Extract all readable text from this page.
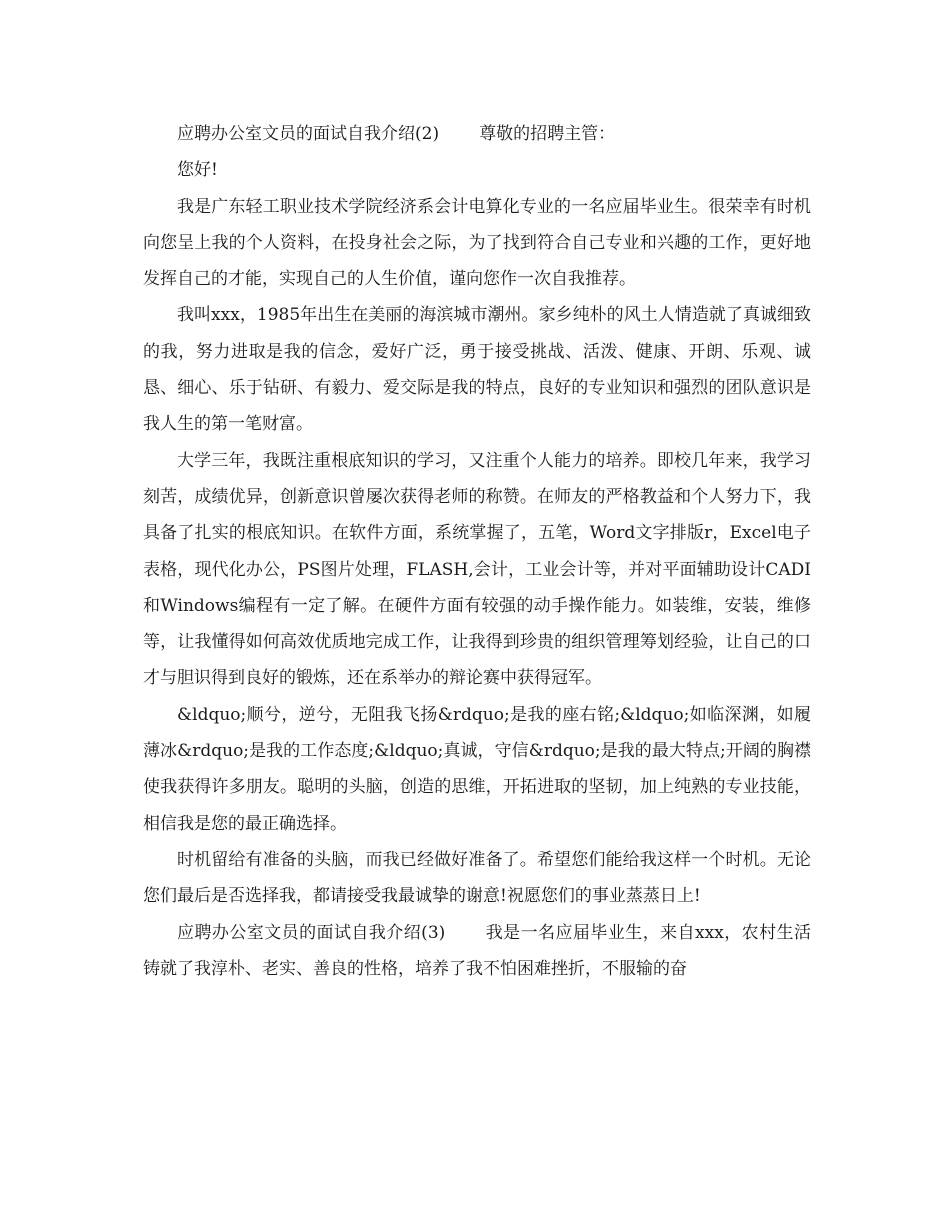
应聘办公室文员的面试自我介绍(2) 尊敬的招聘主管：

您好!

我是广东轻工职业技术学院经济系会计电算化专业的一名应届毕业生。很荣幸有时机向您呈上我的个人资料，在投身社会之际，为了找到符合自己专业和兴趣的工作，更好地发挥自己的才能，实现自己的人生价值，谨向您作一次自我推荐。

我叫xxx，1985年出生在美丽的海滨城市潮州。家乡纯朴的风土人情造就了真诚细致的我，努力进取是我的信念，爱好广泛，勇于接受挑战、活泼、健康、开朗、乐观、诚恳、细心、乐于钻研、有毅力、爱交际是我的特点，良好的专业知识和强烈的团队意识是我人生的第一笔财富。

大学三年，我既注重根底知识的学习，又注重个人能力的培养。即校几年来，我学习刻苦，成绩优异，创新意识曾屡次获得老师的称赞。在师友的严格教益和个人努力下，我具备了扎实的根底知识。在软件方面，系统掌握了，五笔，Word文字排版r，Excel电子表格，现代化办公，PS图片处理，FLASH,会计，工业会计等，并对平面辅助设计CADI和Windows编程有一定了解。在硬件方面有较强的动手操作能力。如装维，安装，维修等，让我懂得如何高效优质地完成工作，让我得到珍贵的组织管理筹划经验，让自己的口才与胆识得到良好的锻炼，还在系举办的辩论赛中获得冠军。

&ldquo;顺兮，逆兮，无阻我飞扬&rdquo;是我的座右铭;&ldquo;如临深渊，如履薄冰&rdquo;是我的工作态度;&ldquo;真诚，守信&rdquo;是我的最大特点;开阔的胸襟使我获得许多朋友。聪明的头脑，创造的思维，开拓进取的坚韧，加上纯熟的专业技能，相信我是您的最正确选择。

时机留给有准备的头脑，而我已经做好准备了。希望您们能给我这样一个时机。无论您们最后是否选择我，都请接受我最诚挚的谢意!祝愿您们的事业蒸蒸日上!

应聘办公室文员的面试自我介绍(3) 我是一名应届毕业生，来自xxx，农村生活铸就了我淳朴、老实、善良的性格，培养了我不怕困难挫折，不服输的奋
